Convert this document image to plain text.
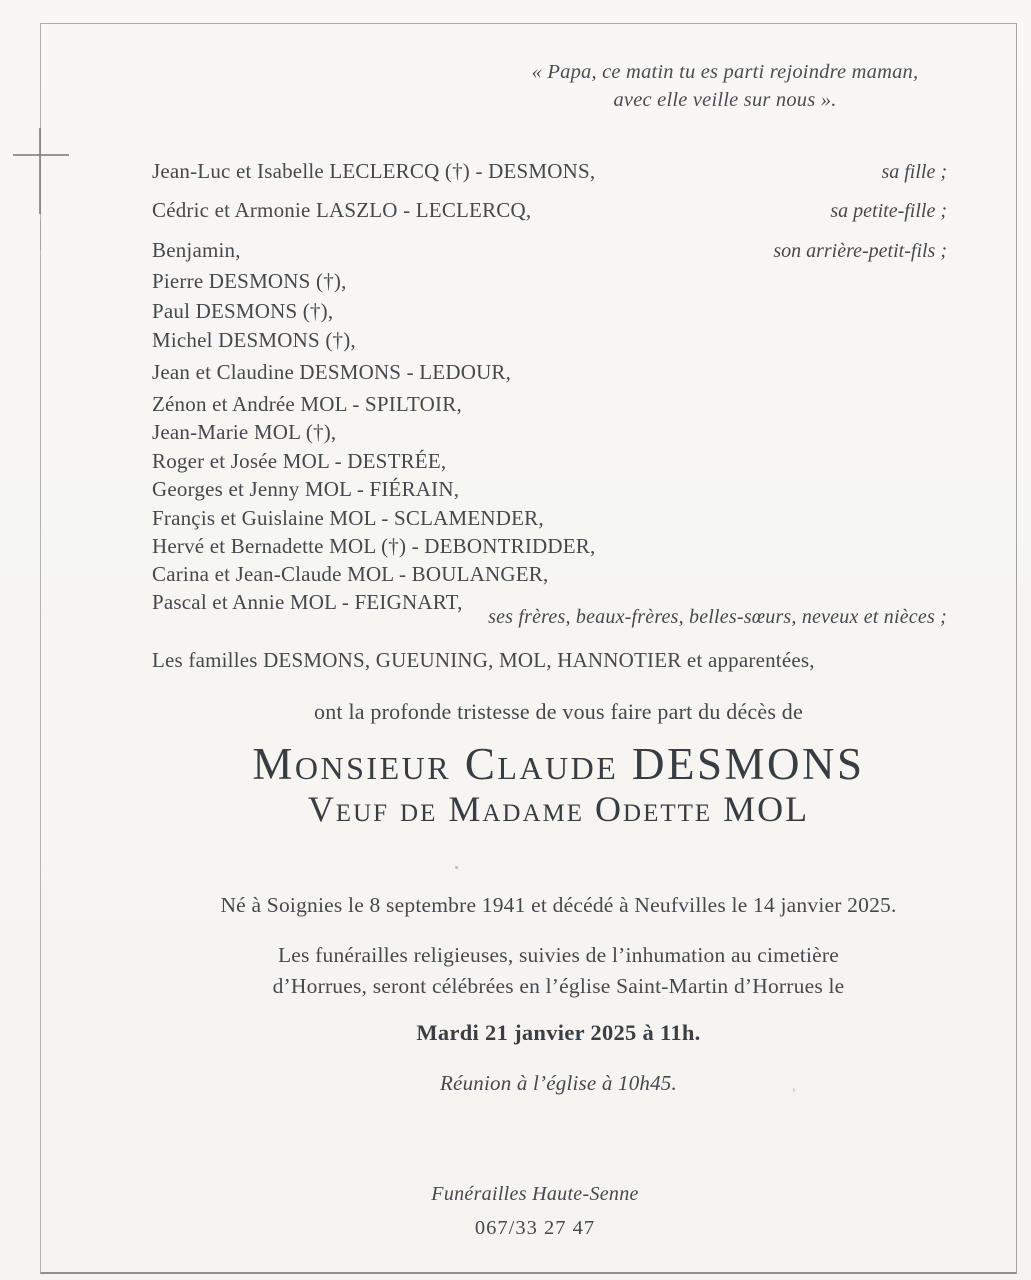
« Papa, ce matin tu es parti rejoindre maman,
avec elle veille sur nous ».
Jean-Luc et Isabelle LECLERCQ (†) - DESMONS,	sa fille ;
Cédric et Armonie LASZLO - LECLERCQ,	sa petite-fille ;
Benjamin,	son arrière-petit-fils ;
Pierre DESMONS (†),
Paul DESMONS (†),
Michel DESMONS (†),
Jean et Claudine DESMONS - LEDOUR,
Zénon et Andrée MOL - SPILTOIR,
Jean-Marie MOL (†),
Roger et Josée MOL - DESTRÉE,
Georges et Jenny MOL - FIÉRAIN,
Françis et Guislaine MOL - SCLAMENDER,
Hervé et Bernadette MOL (†) - DEBONTRIDDER,
Carina et Jean-Claude MOL - BOULANGER,
Pascal et Annie MOL - FEIGNART,
ses frères, beaux-frères, belles-sœurs, neveux et nièces ;
Les familles DESMONS, GUEUNING, MOL, HANNOTIER et apparentées,
ont la profonde tristesse de vous faire part du décès de
Monsieur Claude DESMONS
Veuf de Madame Odette MOL
Né à Soignies le 8 septembre 1941 et décédé à Neufvilles le 14 janvier 2025.
Les funérailles religieuses, suivies de l’inhumation au cimetière
d’Horrues, seront célébrées en l’église Saint-Martin d’Horrues le
Mardi 21 janvier 2025 à 11h.
Réunion à l’église à 10h45.
Funérailles Haute-Senne
067/33 27 47
